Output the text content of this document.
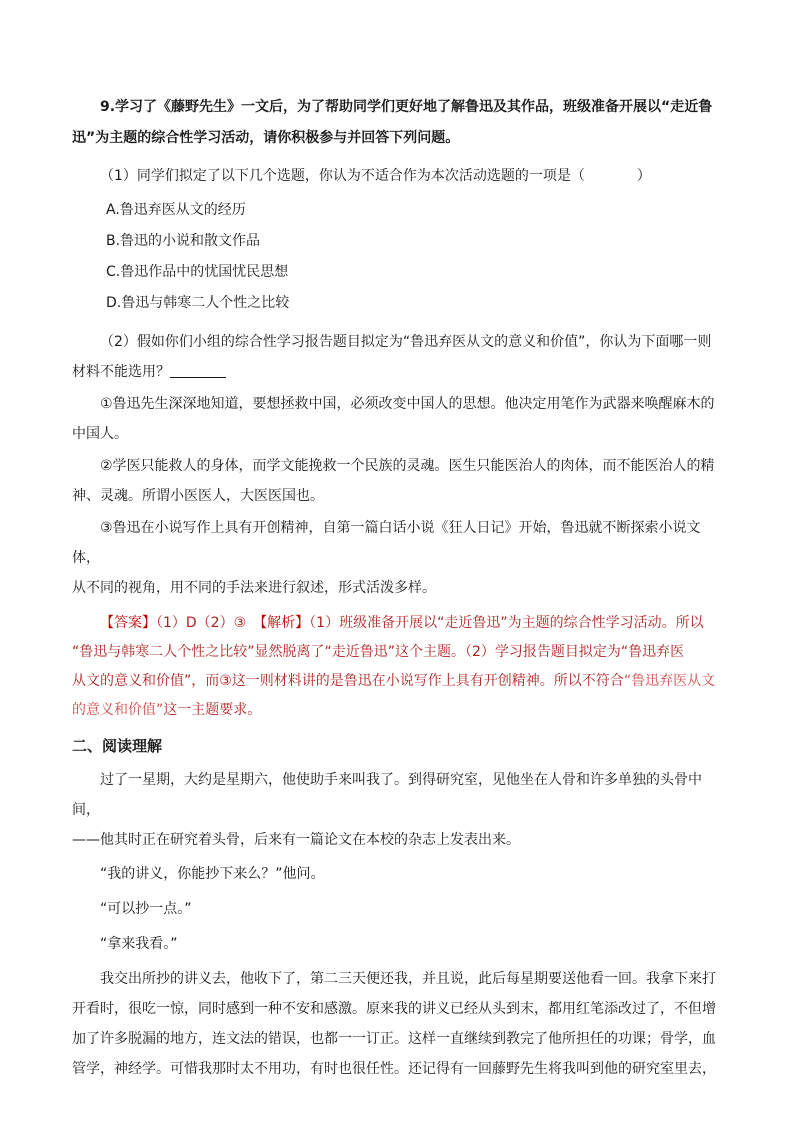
9.学习了《藤野先生》一文后，为了帮助同学们更好地了解鲁迅及其作品，班级准备开展以“走近鲁

迅”为主题的综合性学习活动，请你积极参与并回答下列问题。

（1）同学们拟定了以下几个选题，你认为不适合作为本次活动选题的一项是（	）
A.鲁迅弃医从文的经历
B.鲁迅的小说和散文作品
C.鲁迅作品中的忧国忧民思想
D.鲁迅与韩寒二人个性之比较

（2）假如你们小组的综合性学习报告题目拟定为“鲁迅弃医从文的意义和价值”，你认为下面哪一则

材料不能选用？

①鲁迅先生深深地知道，要想拯救中国，必须改变中国人的思想。他决定用笔作为武器来唤醒麻木的

中国人。

②学医只能救人的身体，而学文能挽救一个民族的灵魂。医生只能医治人的肉体，而不能医治人的精

神、灵魂。所谓小医医人，大医医国也。

③鲁迅在小说写作上具有开创精神，自第一篇白话小说《狂人日记》开始，鲁迅就不断探索小说文体，

从不同的视角，用不同的手法来进行叙述，形式活泼多样。

【答案】（1）D（2）③　 【解析】（1）班级准备开展以“走近鲁迅”为主题的综合性学习活动。所以

“鲁迅与韩寒二人个性之比较”显然脱离了“走近鲁迅”这个主题。（2）学习报告题目拟定为“鲁迅弃医

从文的意义和价值”，而③这一则材料讲的是鲁迅在小说写作上具有开创精神。所以不符合“鲁迅弃医从文

的意义和价值”这一主题要求。

二、阅读理解

过了一星期，大约是星期六，他使助手来叫我了。到得研究室，见他坐在人骨和许多单独的头骨中间，

——他其时正在研究着头骨，后来有一篇论文在本校的杂志上发表出来。

“我的讲义，你能抄下来么？”他问。

“可以抄一点。”

“拿来我看。”

我交出所抄的讲义去，他收下了，第二三天便还我，并且说，此后每星期要送他看一回。我拿下来打

开看时，很吃一惊，同时感到一种不安和感激。原来我的讲义已经从头到末，都用红笔添改过了，不但增

加了许多脱漏的地方，连文法的错误，也都一一订正。这样一直继续到教完了他所担任的功课；骨学，血

管学，神经学。可惜我那时太不用功，有时也很任性。还记得有一回藤野先生将我叫到他的研究室里去，
